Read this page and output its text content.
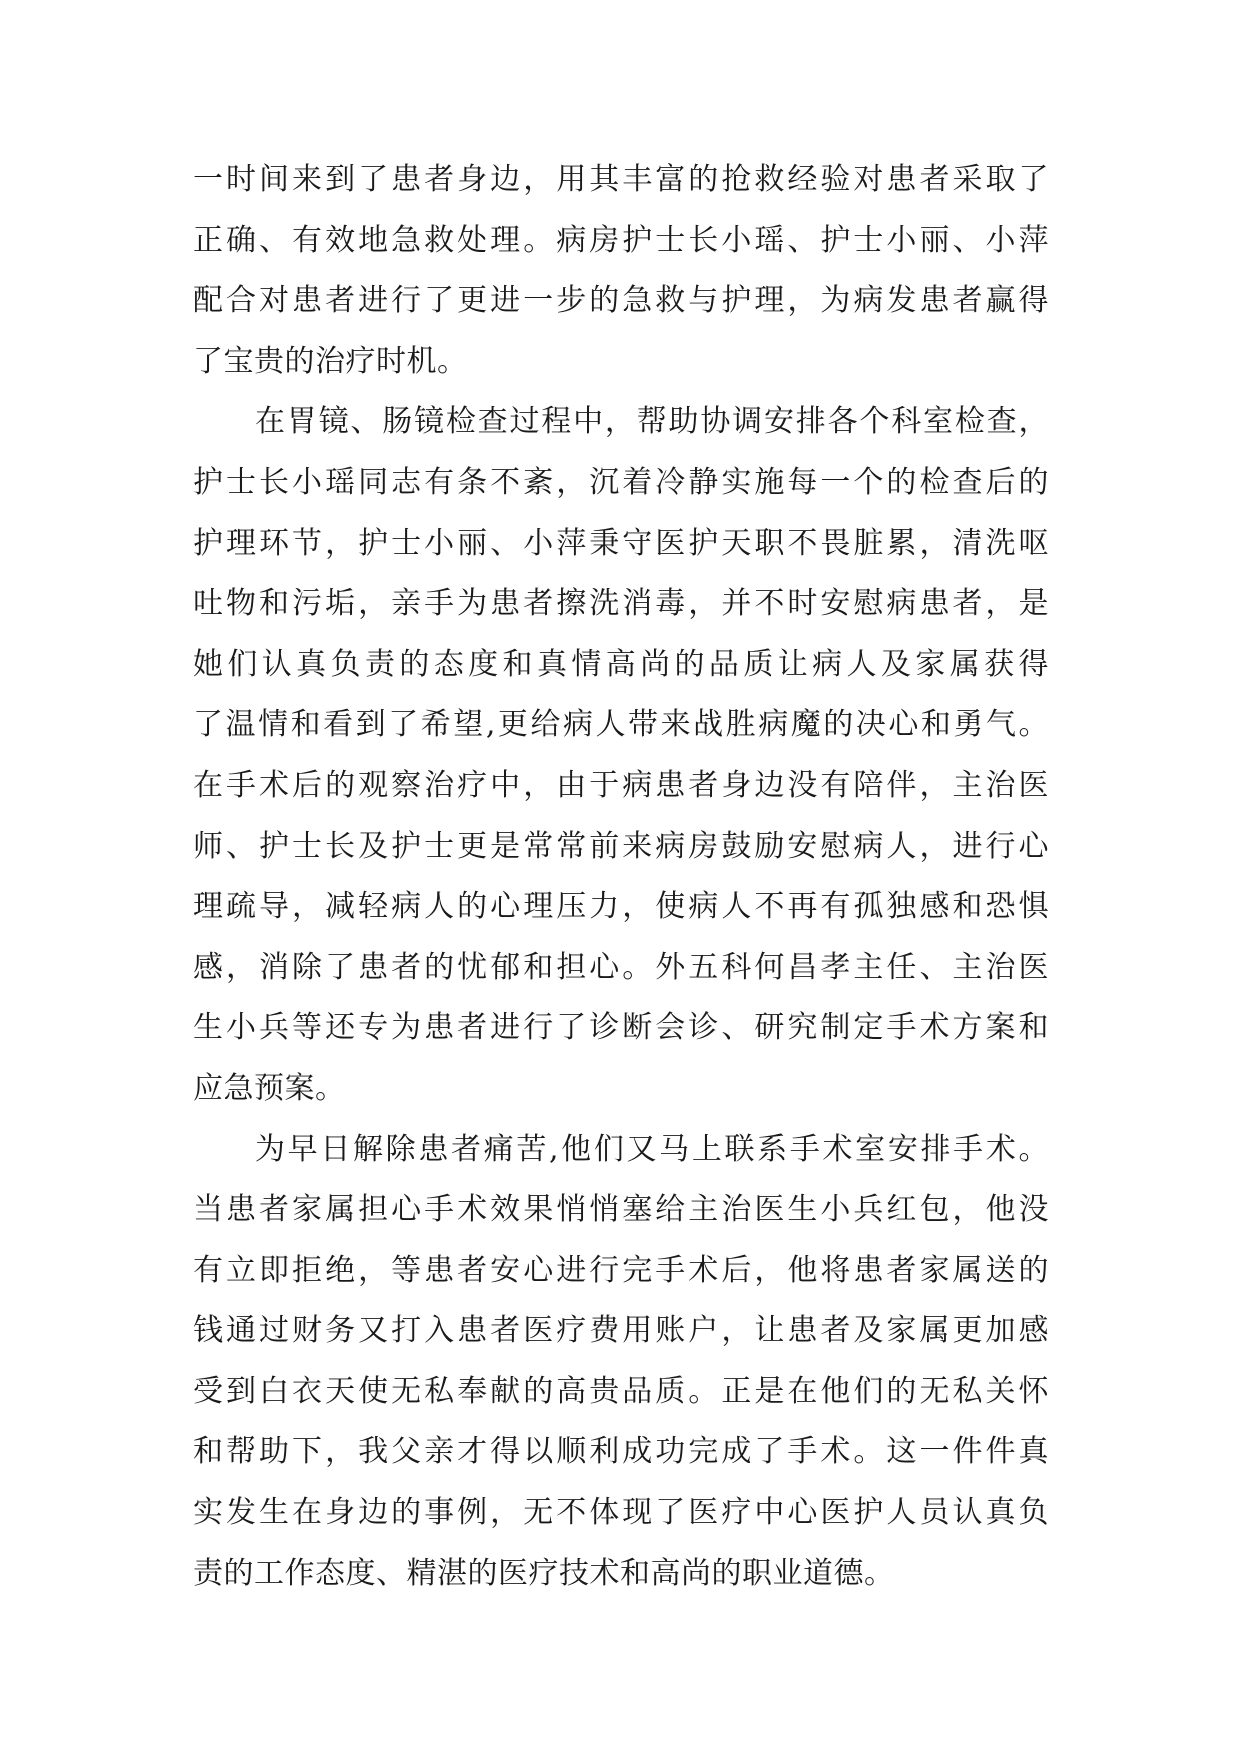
一时间来到了患者身边，用其丰富的抢救经验对患者采取了
正确、有效地急救处理。病房护士长小瑶、护士小丽、小萍
配合对患者进行了更进一步的急救与护理，为病发患者赢得
了宝贵的治疗时机。
在胃镜、肠镜检查过程中，帮助协调安排各个科室检查，
护士长小瑶同志有条不紊，沉着冷静实施每一个的检查后的
护理环节，护士小丽、小萍秉守医护天职不畏脏累，清洗呕
吐物和污垢，亲手为患者擦洗消毒，并不时安慰病患者，是
她们认真负责的态度和真情高尚的品质让病人及家属获得
了温情和看到了希望,更给病人带来战胜病魔的决心和勇气。
在手术后的观察治疗中，由于病患者身边没有陪伴，主治医
师、护士长及护士更是常常前来病房鼓励安慰病人，进行心
理疏导，减轻病人的心理压力，使病人不再有孤独感和恐惧
感，消除了患者的忧郁和担心。外五科何昌孝主任、主治医
生小兵等还专为患者进行了诊断会诊、研究制定手术方案和
应急预案。
为早日解除患者痛苦,他们又马上联系手术室安排手术。
当患者家属担心手术效果悄悄塞给主治医生小兵红包，他没
有立即拒绝，等患者安心进行完手术后，他将患者家属送的
钱通过财务又打入患者医疗费用账户，让患者及家属更加感
受到白衣天使无私奉献的高贵品质。正是在他们的无私关怀
和帮助下，我父亲才得以顺利成功完成了手术。这一件件真
实发生在身边的事例，无不体现了医疗中心医护人员认真负
责的工作态度、精湛的医疗技术和高尚的职业道德。
